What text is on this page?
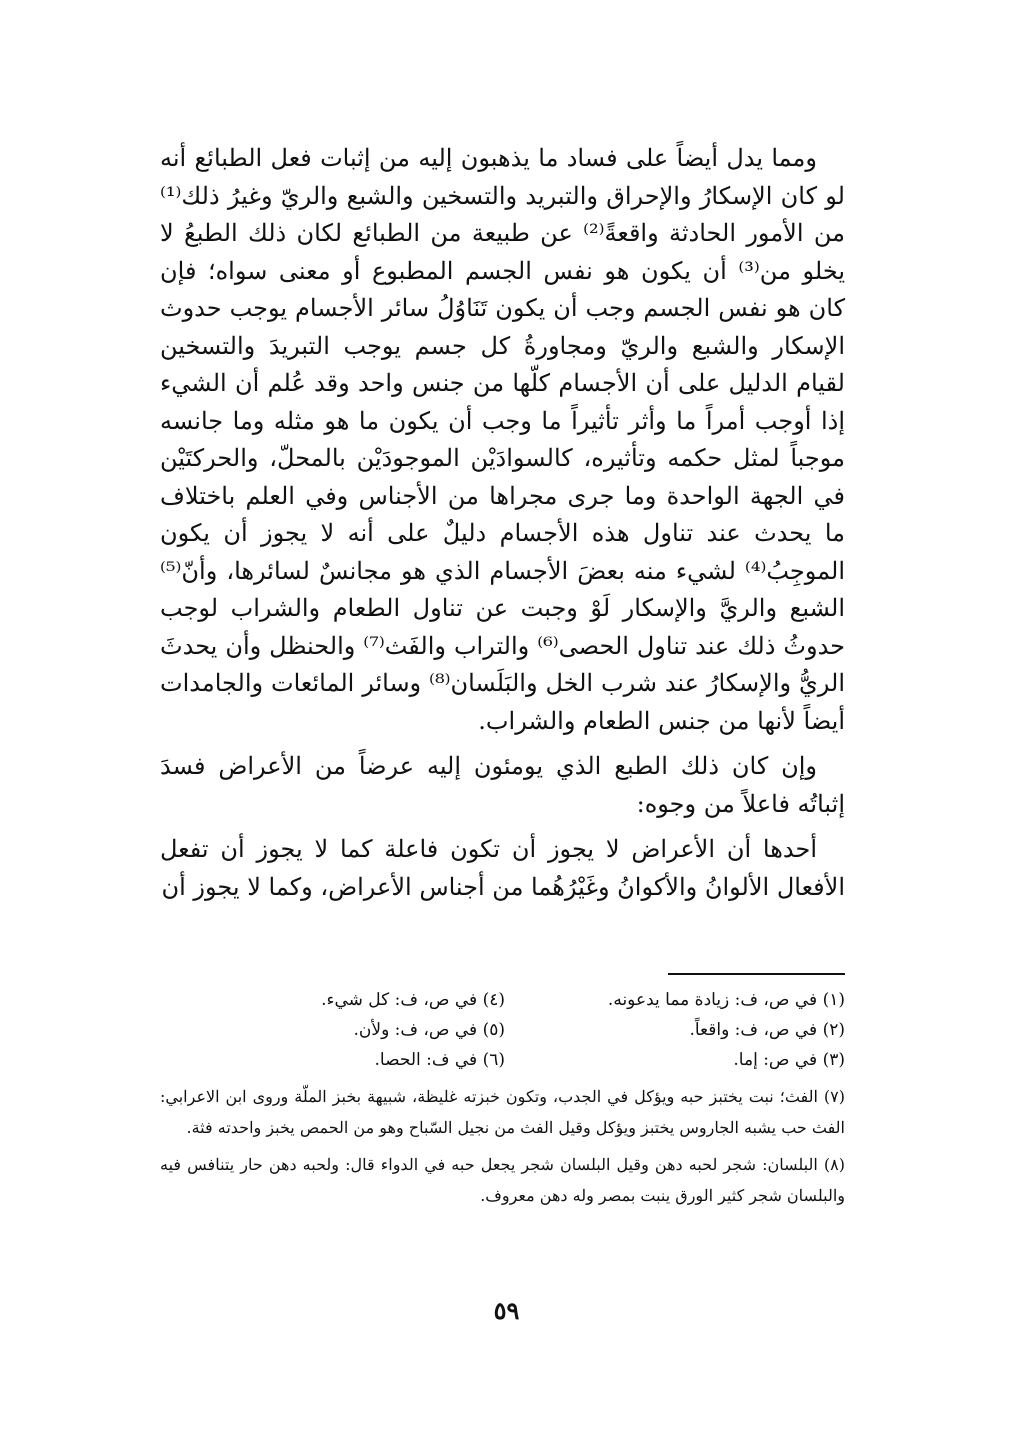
ومما يدل أيضاً على فساد ما يذهبون إليه من إثبات فعل الطبائع أنه لو كان الإسكارُ والإحراق والتبريد والتسخين والشبع والريّ وغيرُ ذلك⁽¹⁾ من الأمور الحادثة واقعةً⁽²⁾ عن طبيعة من الطبائع لكان ذلك الطبعُ لا يخلو من⁽³⁾ أن يكون هو نفس الجسم المطبوع أو معنى سواه؛ فإن كان هو نفس الجسم وجب أن يكون تَنَاوُلُ سائر الأجسام يوجب حدوث الإسكار والشبع والريّ ومجاورةُ كل جسم يوجب التبريدَ والتسخين لقيام الدليل على أن الأجسام كلّها من جنس واحد وقد عُلم أن الشيء إذا أوجب أمراً ما وأثر تأثيراً ما وجب أن يكون ما هو مثله وما جانسه موجباً لمثل حكمه وتأثيره، كالسوادَيْن الموجودَيْن بالمحلّ، والحركتَيْن في الجهة الواحدة وما جرى مجراها من الأجناس وفي العلم باختلاف ما يحدث عند تناول هذه الأجسام دليلٌ على أنه لا يجوز أن يكون الموجِبُ⁽⁴⁾ لشيء منه بعضَ الأجسام الذي هو مجانسٌ لسائرها، وأنّ⁽⁵⁾ الشبع والريَّ والإسكار لَوْ وجبت عن تناول الطعام والشراب لوجب حدوثُ ذلك عند تناول الحصى⁽⁶⁾ والتراب والفَث⁽⁷⁾ والحنظل وأن يحدثَ الريُّ والإسكارُ عند شرب الخل والبَلَسان⁽⁸⁾ وسائر المائعات والجامدات أيضاً لأنها من جنس الطعام والشراب.

وإن كان ذلك الطبع الذي يومئون إليه عرضاً من الأعراض فسدَ إثباتُه فاعلاً من وجوه:

أحدها أن الأعراض لا يجوز أن تكون فاعلة كما لا يجوز أن تفعل الأفعال الألوانُ والأكوانُ وغَيْرُهُما من أجناس الأعراض، وكما لا يجوز أن

(١) في ص، ف: زيادة مما يدعونه.
(٤) في ص، ف: كل شيء.
(٢) في ص، ف: واقعاً.
(٥) في ص، ف: ولأن.
(٣) في ص: إما.
(٦) في ف: الحصا.

(٧) الفث؛ نبت يختبز حبه ويؤكل في الجدب، وتكون خبزته غليظة، شبيهة بخبز الملّة وروى ابن الاعرابي: الفث حب يشبه الجاروس يختبز ويؤكل وقيل الفث من نجيل السّباح وهو من الحمص يخبز واحدته فثة.

(٨) البلسان: شجر لحبه دهن وقيل البلسان شجر يجعل حبه في الدواء قال: ولحبه دهن حار يتنافس فيه والبلسان شجر كثير الورق ينبت بمصر وله دهن معروف.

٥٩
